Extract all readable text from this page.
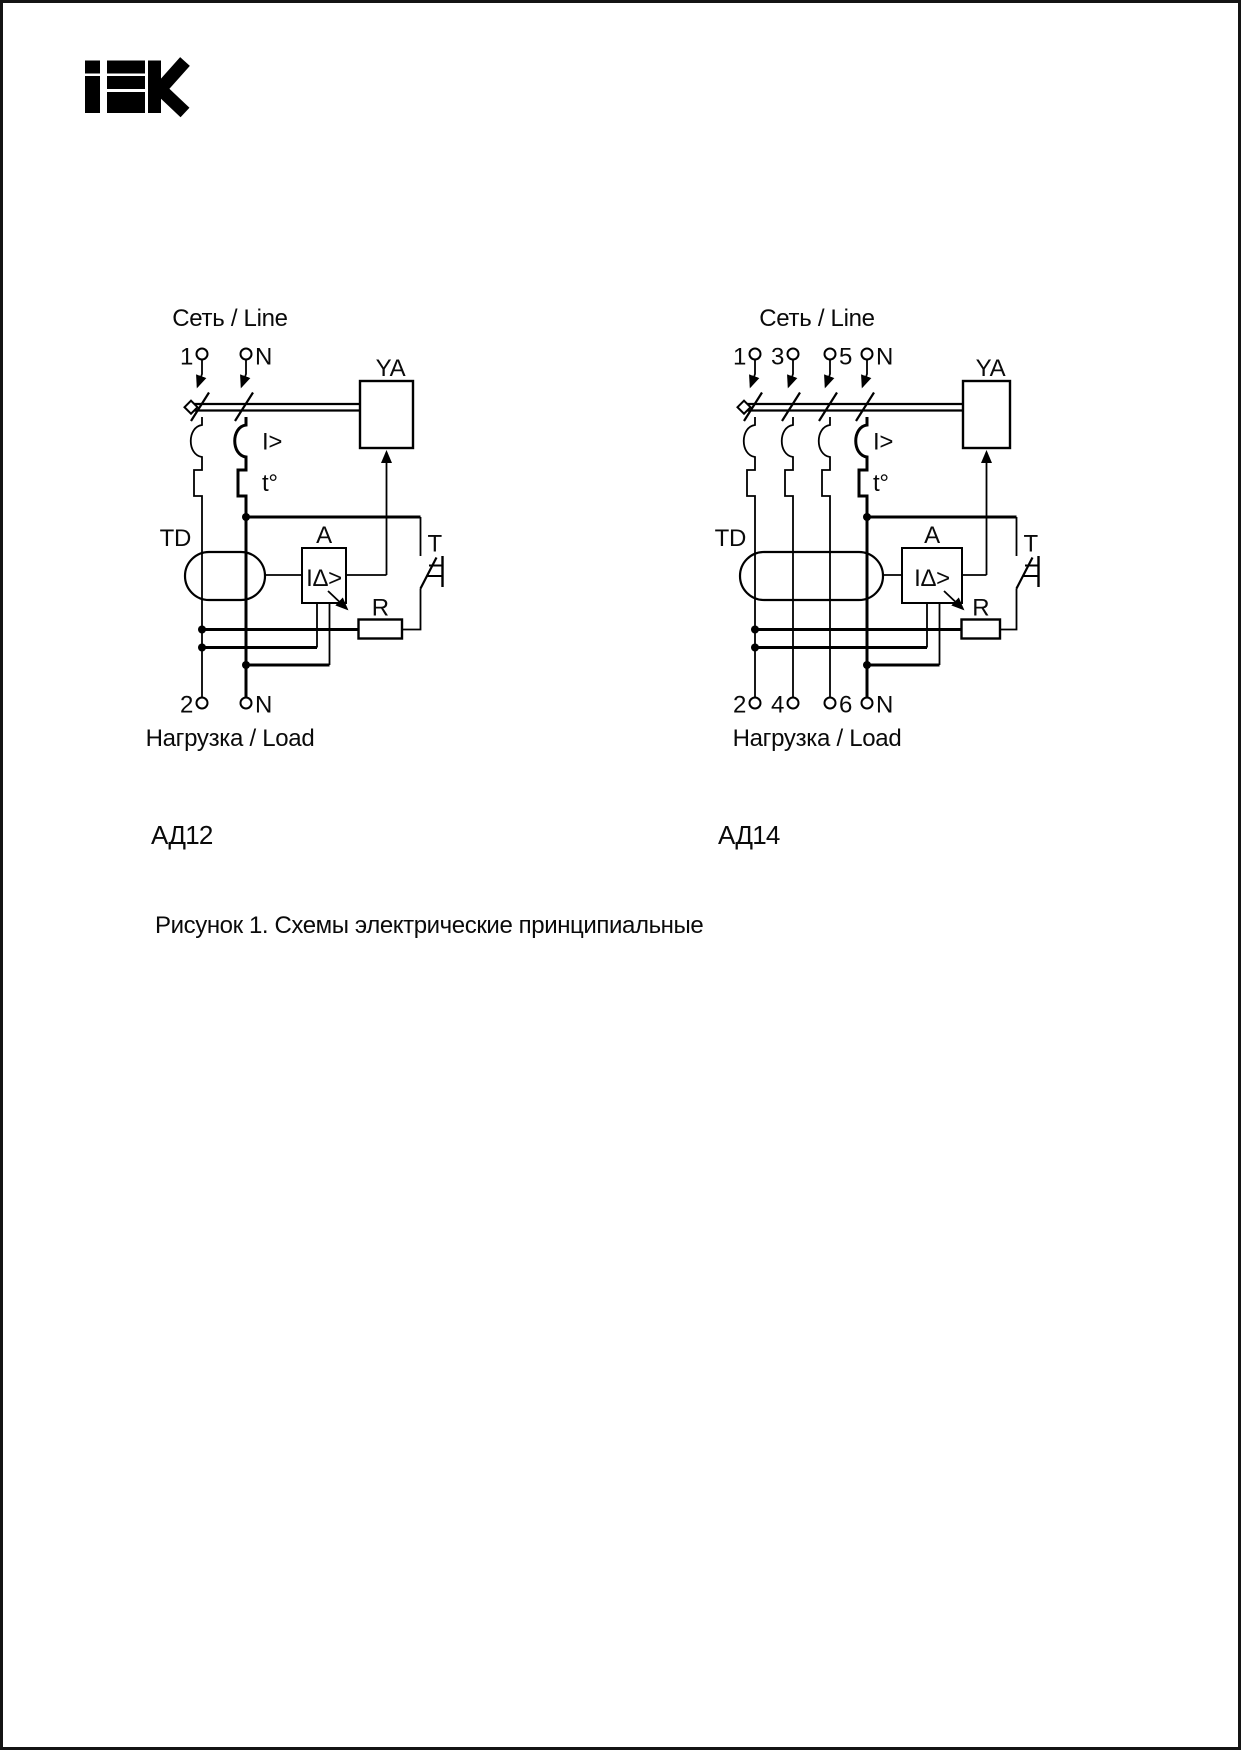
Сеть / Line
Нагрузка / Load
TD
1
2
N
N
I>
t°
YA
A
IΔ>
T
R
Сеть / Line
Нагрузка / Load
TD
1
2
3
4
5
6
N
N
I>
t°
YA
A
IΔ>
T
R
АД12	АД14
Рисунок 1. Схемы электрические принципиальные
